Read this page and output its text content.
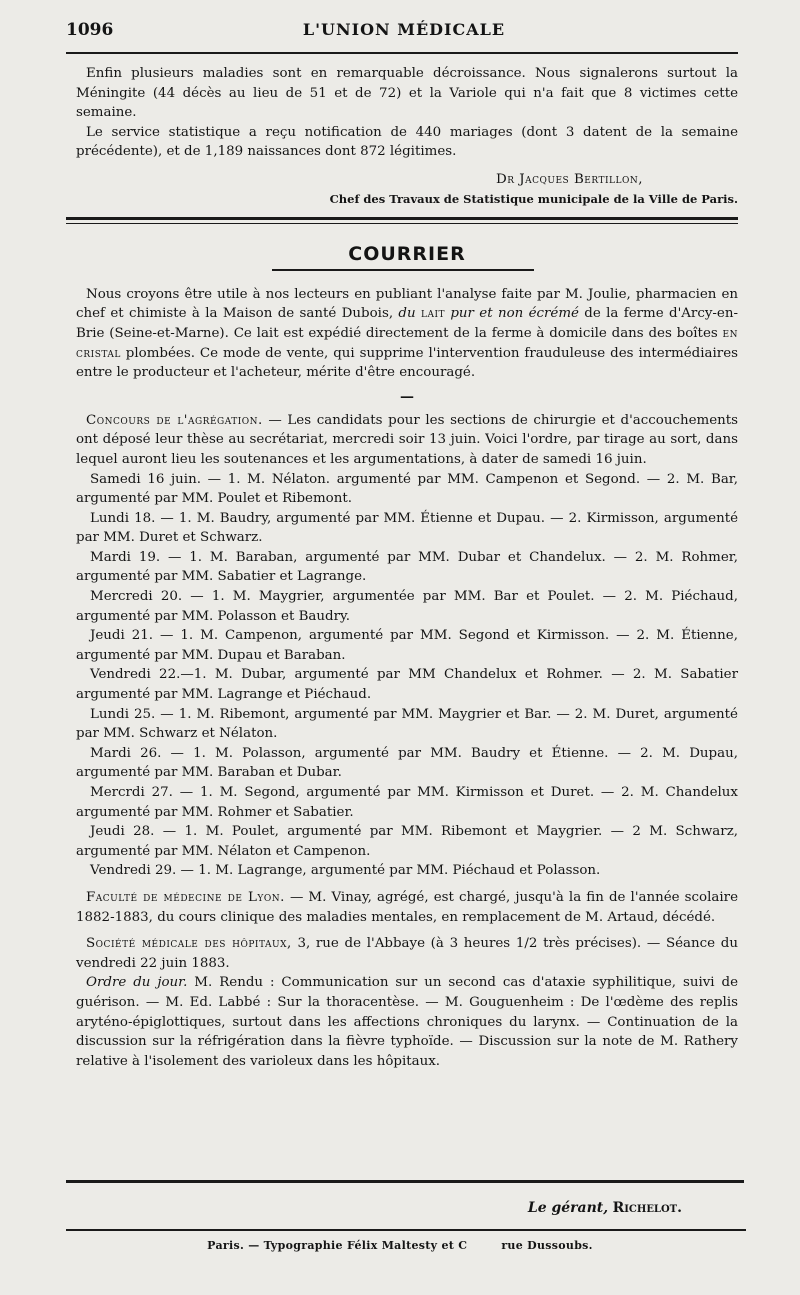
1096	L'UNION MÉDICALE

Enfin plusieurs maladies sont en remarquable décroissance. Nous signalerons surtout la Méningite (44 décès au lieu de 51 et de 72) et la Variole qui n'a fait que 8 victimes cette semaine.

Le service statistique a reçu notification de 440 mariages (dont 3 datent de la semaine précédente), et de 1,189 naissances dont 872 légitimes.

Dr Jacques Bertillon,

Chef des Travaux de Statistique municipale de la Ville de Paris.

COURRIER

Nous croyons être utile à nos lecteurs en publiant l'analyse faite par M. Joulie, pharmacien en chef et chimiste à la Maison de santé Dubois, du lait pur et non écrémé de la ferme d'Arcy-en-Brie (Seine-et-Marne). Ce lait est expédié directement de la ferme à domicile dans des boîtes en cristal plombées. Ce mode de vente, qui supprime l'intervention frauduleuse des intermédiaires entre le producteur et l'acheteur, mérite d'être encouragé.

—

Concours de l'agrégation. — Les candidats pour les sections de chirurgie et d'accouchements ont déposé leur thèse au secrétariat, mercredi soir 13 juin. Voici l'ordre, par tirage au sort, dans lequel auront lieu les soutenances et les argumentations, à dater de samedi 16 juin.

Samedi 16 juin. — 1. M. Nélaton. argumenté par MM. Campenon et Segond. — 2. M. Bar, argumenté par MM. Poulet et Ribemont.

Lundi 18. — 1. M. Baudry, argumenté par MM. Étienne et Dupau. — 2. Kirmisson, argumenté par MM. Duret et Schwarz.

Mardi 19. — 1. M. Baraban, argumenté par MM. Dubar et Chandelux. — 2. M. Rohmer, argumenté par MM. Sabatier et Lagrange.

Mercredi 20. — 1. M. Maygrier, argumentée par MM. Bar et Poulet. — 2. M. Piéchaud, argumenté par MM. Polasson et Baudry.

Jeudi 21. — 1. M. Campenon, argumenté par MM. Segond et Kirmisson. — 2. M. Étienne, argumenté par MM. Dupau et Baraban.

Vendredi 22.—1. M. Dubar, argumenté par MM Chandelux et Rohmer. — 2. M. Sabatier argumenté par MM. Lagrange et Piéchaud.

Lundi 25. — 1. M. Ribemont, argumenté par MM. Maygrier et Bar. — 2. M. Duret, argumenté par MM. Schwarz et Nélaton.

Mardi 26. — 1. M. Polasson, argumenté par MM. Baudry et Étienne. — 2. M. Dupau, argumenté par MM. Baraban et Dubar.

Mercrdi 27. — 1. M. Segond, argumenté par MM. Kirmisson et Duret. — 2. M. Chandelux argumenté par MM. Rohmer et Sabatier.

Jeudi 28. — 1. M. Poulet, argumenté par MM. Ribemont et Maygrier. — 2 M. Schwarz, argumenté par MM. Nélaton et Campenon.

Vendredi 29. — 1. M. Lagrange, argumenté par MM. Piéchaud et Polasson.

Faculté de médecine de Lyon. — M. Vinay, agrégé, est chargé, jusqu'à la fin de l'année scolaire 1882-1883, du cours clinique des maladies mentales, en remplacement de M. Artaud, décédé.

Société médicale des hôpitaux, 3, rue de l'Abbaye (à 3 heures 1/2 très précises). — Séance du vendredi 22 juin 1883.

Ordre du jour. M. Rendu : Communication sur un second cas d'ataxie syphilitique, suivi de guérison. — M. Ed. Labbé : Sur la thoracentèse. — M. Gouguenheim : De l'œdème des replis aryténo-épiglottiques, surtout dans les affections chroniques du larynx. — Continuation de la discussion sur la réfrigération dans la fièvre typhoïde. — Discussion sur la note de M. Rathery relative à l'isolement des varioleux dans les hôpitaux.

Le gérant, Richelot.
Paris. — Typographie Félix Maltesty et C	rue Dussoubs.
